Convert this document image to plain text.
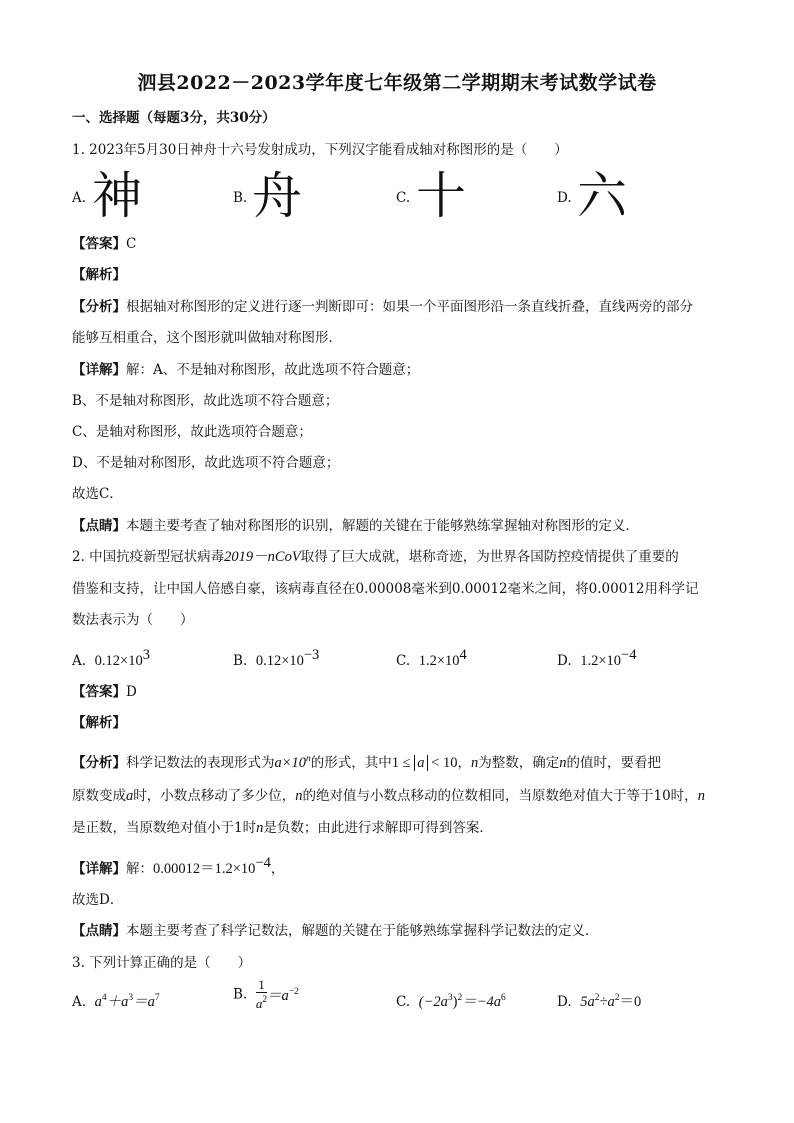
泗县2022－2023学年度七年级第二学期期末考试数学试卷
一、选择题（每题3分，共30分）
1. 2023年5月30日神舟十六号发射成功，下列汉字能看成轴对称图形的是（　　）
A. 神	B. 舟	C. 十	D. 六
【答案】C
【解析】
【分析】根据轴对称图形的定义进行逐一判断即可：如果一个平面图形沿一条直线折叠，直线两旁的部分
能够互相重合，这个图形就叫做轴对称图形．
【详解】解：A、不是轴对称图形，故此选项不符合题意；
B、不是轴对称图形，故此选项不符合题意；
C、是轴对称图形，故此选项符合题意；
D、不是轴对称图形，故此选项不符合题意；
故选C．
【点睛】本题主要考查了轴对称图形的识别，解题的关键在于能够熟练掌握轴对称图形的定义．
2. 中国抗疫新型冠状病毒2019－nCoV取得了巨大成就，堪称奇迹，为世界各国防控疫情提供了重要的
借鉴和支持，让中国人倍感自豪，该病毒直径在0.00008毫米到0.00012毫米之间，将0.00012用科学记
数法表示为（　　）
A. $0.12\times 10^3$	B. $0.12\times 10^{-3}$	C. $1.2\times 10^4$	D. $1.2\times 10^{-4}$
【答案】D
【解析】
【分析】科学记数法的表现形式为$a\times 10^n$的形式，其中1 ≤ a < 10，n为整数，确定n的值时，要看把
原数变成a时，小数点移动了多少位，n的绝对值与小数点移动的位数相同，当原数绝对值大于等于10时，n
是正数，当原数绝对值小于1时n是负数；由此进行求解即可得到答案．
【详解】解：$0.00012=1.2\times 10^{-4}$，
故选D．
【点睛】本题主要考查了科学记数法，解题的关键在于能够熟练掌握科学记数法的定义．
3. 下列计算正确的是（　　）
A. $a^4+a^3=a^7$	B. $\frac{1}{a^2} =a^{-2}$
C. $(-2a^3)^2=-4a^6$	D. $5a^2\div a^2=0$
